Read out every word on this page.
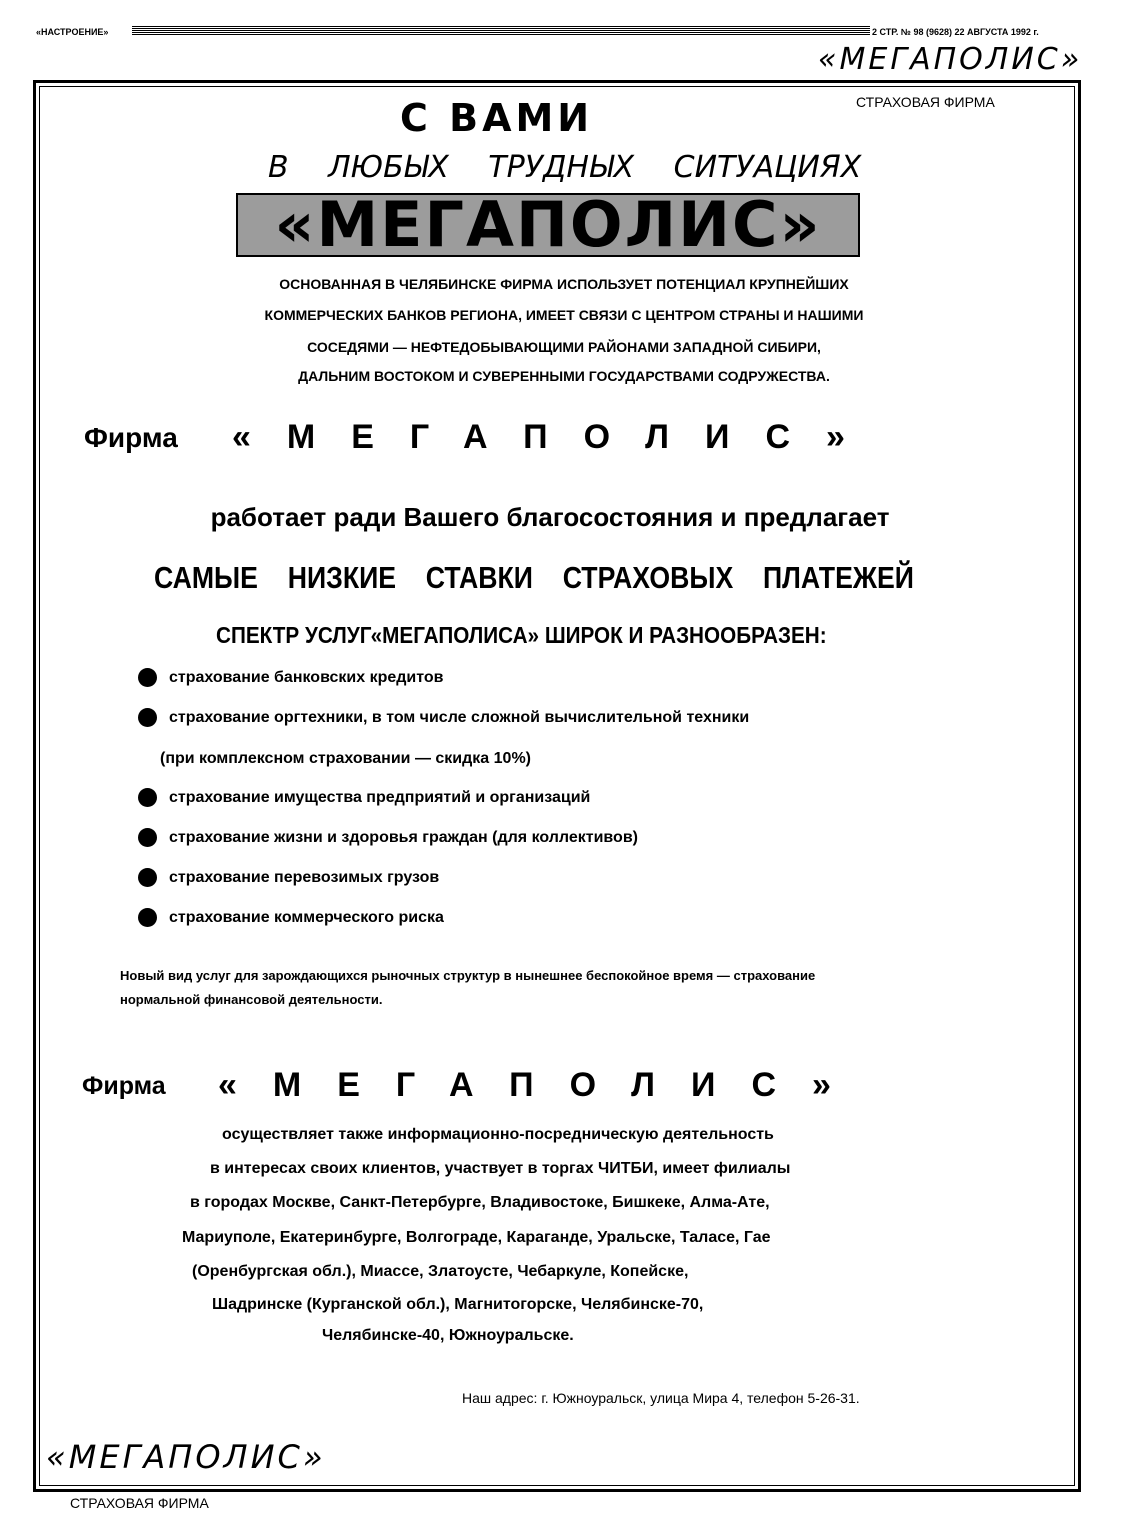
«НАСТРОЕНИЕ»	2 СТР. № 98 (9628) 22 АВГУСТА 1992 г.
«МЕГАПОЛИС»
СТРАХОВАЯ ФИРМА
С ВАМИ
В ЛЮБЫХ ТРУДНЫХ СИТУАЦИЯХ
«МЕГАПОЛИС»
ОСНОВАННАЯ В ЧЕЛЯБИНСКЕ ФИРМА ИСПОЛЬЗУЕТ ПОТЕНЦИАЛ КРУПНЕЙШИХ
КОММЕРЧЕСКИХ БАНКОВ РЕГИОНА, ИМЕЕТ СВЯЗИ С ЦЕНТРОМ СТРАНЫ И НАШИМИ
СОСЕДЯМИ — НЕФТЕДОБЫВАЮЩИМИ РАЙОНАМИ ЗАПАДНОЙ СИБИРИ,
ДАЛЬНИМ ВОСТОКОМ И СУВЕРЕННЫМИ ГОСУДАРСТВАМИ СОДРУЖЕСТВА.
Фирма «МЕГАПОЛИС»
работает ради Вашего благосостояния и предлагает
САМЫЕ НИЗКИЕ СТАВКИ СТРАХОВЫХ ПЛАТЕЖЕЙ
СПЕКТР УСЛУГ«МЕГАПОЛИСА» ШИРОК И РАЗНООБРАЗЕН:
страхование банковских кредитов
страхование оргтехники, в том числе сложной вычислительной техники
(при комплексном страховании — скидка 10%)
страхование имущества предприятий и организаций
страхование жизни и здоровья граждан (для коллективов)
страхование перевозимых грузов
страхование коммерческого риска
Новый вид услуг для зарождающихся рыночных структур в нынешнее беспокойное время — страхование
нормальной финансовой деятельности.
Фирма «МЕГАПОЛИС»
осуществляет также информационно-посредническую деятельность
в интересах своих клиентов, участвует в торгах ЧИТБИ, имеет филиалы
в городах Москве, Санкт-Петербурге, Владивостоке, Бишкеке, Алма-Ате,
Мариуполе, Екатеринбурге, Волгограде, Караганде, Уральске, Таласе, Гае
(Оренбургская обл.), Миассе, Златоусте, Чебаркуле, Копейске,
Шадринске (Курганской обл.), Магнитогорске, Челябинске-70,
Челябинске-40, Южноуральске.
Наш адрес: г. Южноуральск, улица Мира 4, телефон 5-26-31.
«МЕГАПОЛИС»
СТРАХОВАЯ ФИРМА
